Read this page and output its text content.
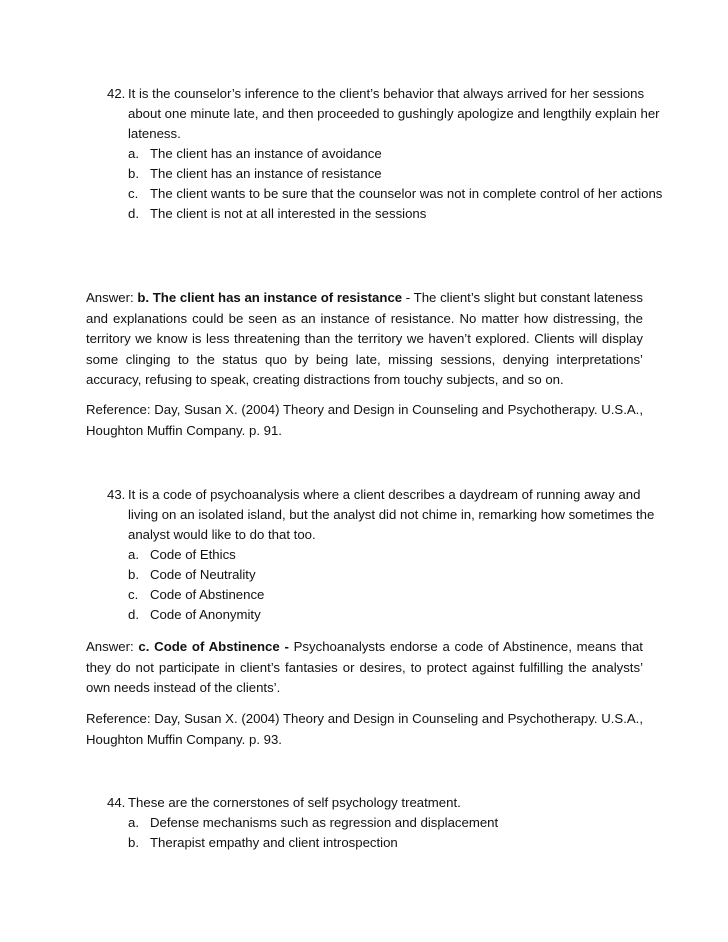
42. It is the counselor’s inference to the client’s behavior that always arrived for her sessions about one minute late, and then proceeded to gushingly apologize and lengthily explain her lateness.
a. The client has an instance of avoidance
b. The client has an instance of resistance
c. The client wants to be sure that the counselor was not in complete control of her actions
d. The client is not at all interested in the sessions
Answer: b. The client has an instance of resistance - The client’s slight but constant lateness and explanations could be seen as an instance of resistance. No matter how distressing, the territory we know is less threatening than the territory we haven’t explored. Clients will display some clinging to the status quo by being late, missing sessions, denying interpretations’ accuracy, refusing to speak, creating distractions from touchy subjects, and so on.
Reference: Day, Susan X. (2004) Theory and Design in Counseling and Psychotherapy. U.S.A., Houghton Muffin Company. p. 91.
43. It is a code of psychoanalysis where a client describes a daydream of running away and living on an isolated island, but the analyst did not chime in, remarking how sometimes the analyst would like to do that too.
a. Code of Ethics
b. Code of Neutrality
c. Code of Abstinence
d. Code of Anonymity
Answer: c. Code of Abstinence - Psychoanalysts endorse a code of Abstinence, means that they do not participate in client’s fantasies or desires, to protect against fulfilling the analysts’ own needs instead of the clients’.
Reference: Day, Susan X. (2004) Theory and Design in Counseling and Psychotherapy. U.S.A., Houghton Muffin Company. p. 93.
44. These are the cornerstones of self psychology treatment.
a. Defense mechanisms such as regression and displacement
b. Therapist empathy and client introspection
